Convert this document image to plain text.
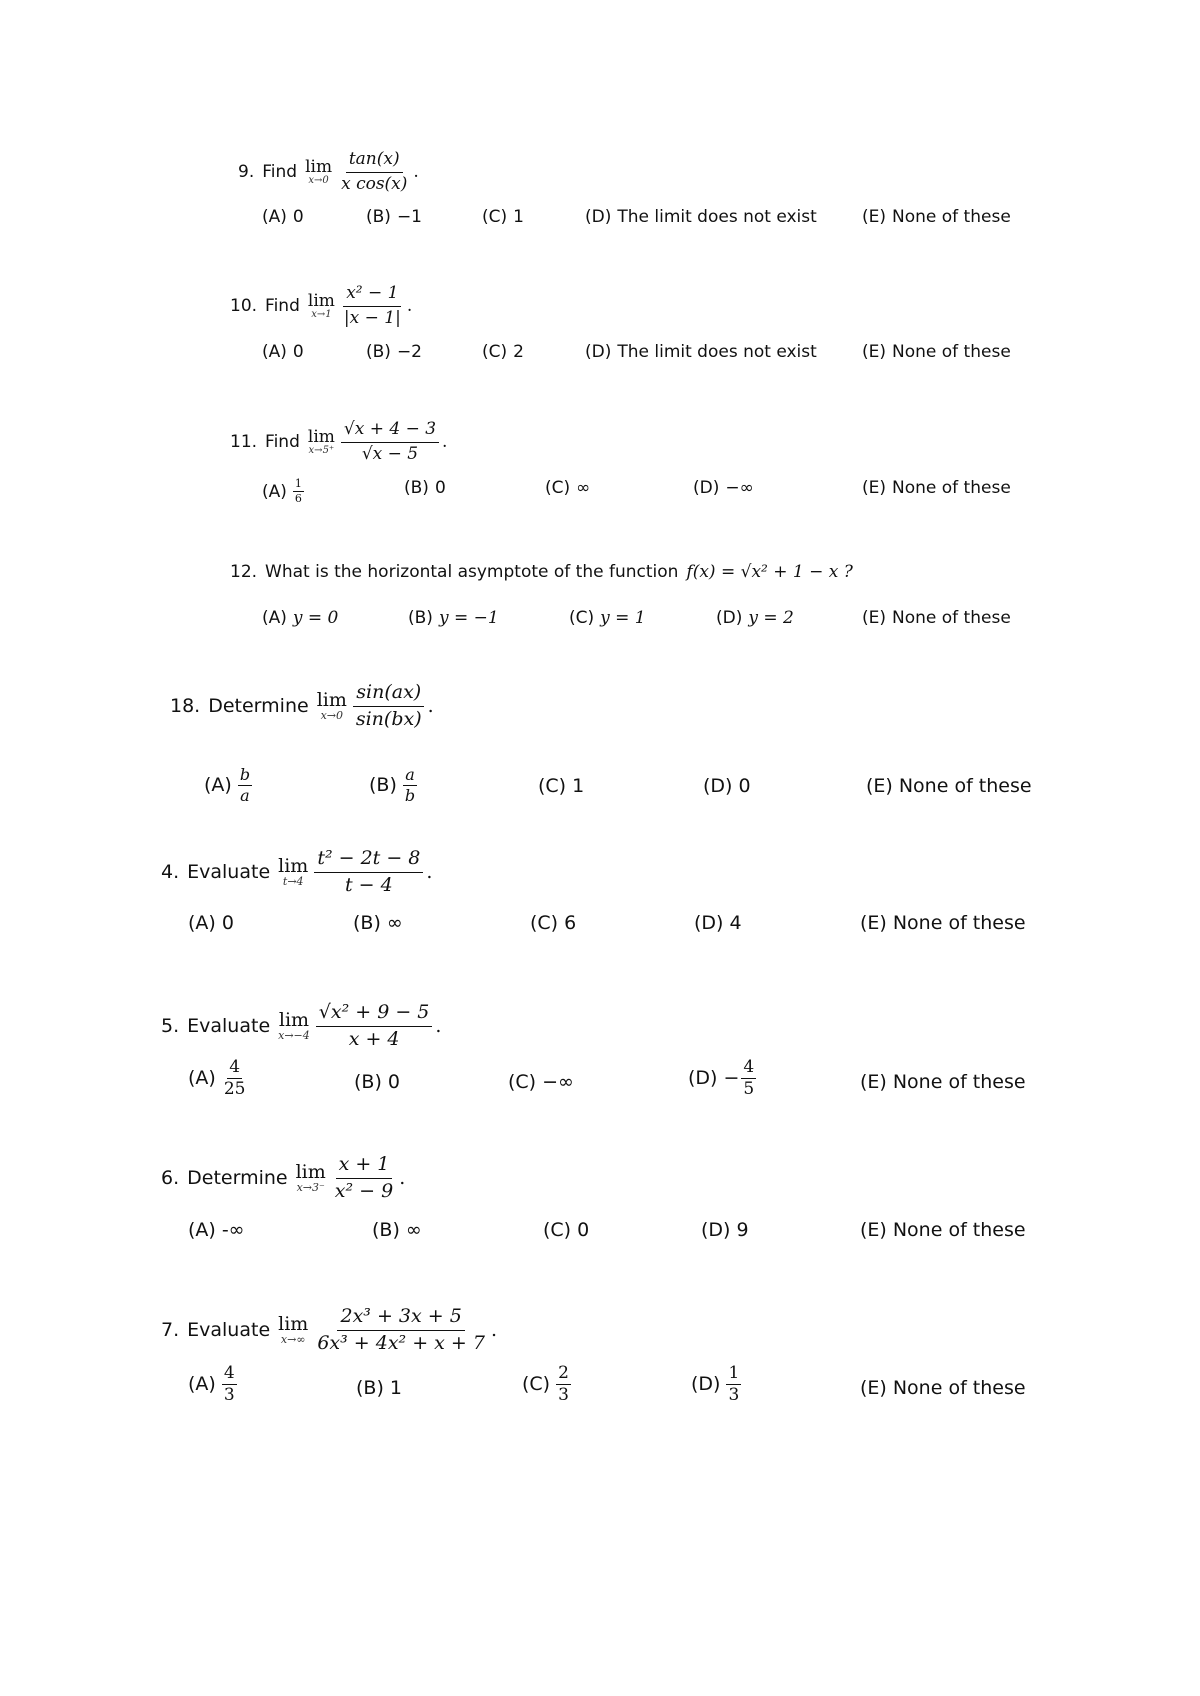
9. Find lim
$x\to 0 \frac{\tan(x)}{\text{x cos(x)}}$ .
(A) 0	(B) −1	(C) 1	(D) The limit does not exist	(E) None of these
10. Find lim
$x\to 1 \frac{\text{x² − 1}}{|x - 1|}$ .
(A) 0	(B) −2	(C) 2	(D) The limit does not exist	(E) None of these
11. Find lim
$x\to 5^+ \frac{√x + 4 - 3}{√x - 5}$ .
$(A) \frac{1}{6}$	(B) 0	(C) ∞	(D) −∞	(E) None of these
12. What is the horizontal asymptote of the function f(x) = √x² + 1 − x ?
(A) y = 0	(B) y = −1	(C) y = 1	(D) y = 2	(E) None of these
18. Determine lim
$x\to 0 \frac{\sin(ax)}{\sin(bx)}$ .
$(A) \frac{b}{a}$	$(B) \frac{a}{b}$	(C) 1	(D) 0	(E) None of these
4. Evaluate lim
$t\to 4 \frac{\text{t² − 2t − 8}}{t - 4}$ .
(A) 0	(B) ∞	(C) 6	(D) 4	(E) None of these
5. Evaluate lim
$x\to-4 \frac{\text{√x² + 9 − 5}}{x + 4}$ .
$(A) \frac{4}{25}$	(B) 0	(C) −∞	$(D) - \frac{4}{5}$	(E) None of these
6. Determine lim
$x\to 3^- \frac{x + 1}{\text{x² − 9}}$ .
(A) -∞	(B) ∞	(C) 0	(D) 9	(E) None of these
7. Evaluate lim
$x\to\infty \frac{\text{2x³ + 3x + 5}}{\text{6x³ + 4x² + x + 7}}$ .
$(A) \frac{4}{3}$	(B) 1	$(C) \frac{2}{3}$	$(D) \frac{1}{3}$	(E) None of these
